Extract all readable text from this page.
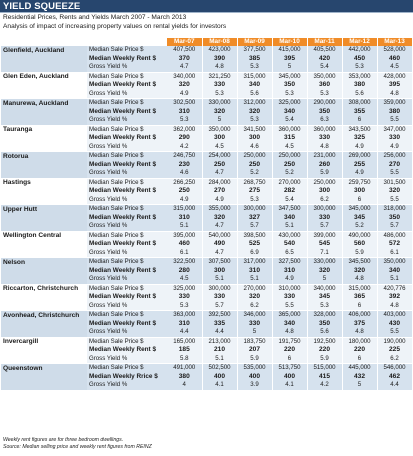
YIELD SQUEEZE
Residential Prices, Rents and Yields March 2007 - March 2013
Analysis of impact of increasing property values on rental yields for investors
		Mar-07	Mar-08	Mar-09	Mar-10	Mar-11	Mar-12	Mar-13
Glenfield, Auckland	Median Sale Price $	407,500	423,000	377,500	415,000	405,500	442,000	528,000
	Median Weekly Rent $	370	390	385	395	420	450	460
	Gross Yield %	4.7	4.8	5.3	5	5.4	5.3	4.5
Glen Eden, Auckland	Median Sale Price $	340,000	321,250	315,000	345,000	350,000	353,000	428,000
	Median Weekly Rent $	320	330	340	350	360	380	395
	Gross Yield %	4.9	5.3	5.6	5.3	5.3	5.6	4.8
Manurewa, Auckland	Median Sale Price $	302,500	330,000	312,000	325,000	290,000	308,000	359,000
	Median Weekly Rent $	310	320	320	340	350	355	380
	Gross Yield %	5.3	5	5.3	5.4	6.3	6	5.5
Tauranga	Median Sale Price $	362,000	350,000	341,500	360,000	360,000	343,500	347,000
	Median Weekly Rent $	290	300	300	315	330	325	330
	Gross Yield %	4.2	4.5	4.6	4.5	4.8	4.9	4.9
Rotorua	Median Sale Price $	246,750	254,000	250,000	250,000	231,000	269,000	256,000
	Median Weekly Rent $	230	250	250	250	260	255	270
	Gross Yield %	4.6	4.7	5.2	5.2	5.9	4.9	5.5
Hastings	Median Sale Price $	266,250	284,000	268,750	270,000	250,000	259,750	301,500
	Median Weekly Rent $	250	270	275	282	300	300	320
	Gross Yield %	4.9	4.9	5.3	5.4	6.2	6	5.5
Upper Hutt	Median Sale Price $	315,000	355,000	300,000	347,500	300,000	345,000	318,000
	Median Weekly Rent $	310	320	327	340	330	345	350
	Gross Yield %	5.1	4.7	5.7	5.1	5.7	5.2	5.7
Wellington Central	Median Sale Price $	395,000	540,000	398,500	430,000	399,000	490,000	486,000
	Median Weekly Rent $	460	490	525	540	545	560	572
	Gross Yield %	6.1	4.7	6.9	6.5	7.1	5.9	6.1
Nelson	Median Sale Price $	322,500	307,500	317,000	327,500	330,000	345,500	350,000
	Median Weekly Rent $	280	300	310	310	320	320	340
	Gross Yield %	4.5	5.1	5.1	4.9	5	4.8	5.1
Riccarton, Christchurch	Median Sale Price $	325,000	300,000	270,000	310,000	340,000	315,000	420,776
	Median Weekly Rent $	330	330	320	330	345	365	392
	Gross Yield %	5.3	5.7	6.2	5.5	5.3	6	4.8
Avonhead, Christchurch	Median Sale Price $	363,000	392,500	346,000	365,000	328,000	406,000	403,000
	Median Weekly Rent $	310	335	330	340	350	375	430
	Gross Yield %	4.4	4.4	5	4.8	5.6	4.8	5.5
Invercargill	Median Sale Price $	165,000	213,000	183,750	191,750	192,500	180,000	190,000
	Median Weekly Rent $	185	210	207	220	220	220	225
	Gross Yield %	5.8	5.1	5.9	6	5.9	6	6.2
Queenstown	Median Sale Price $	491,000	502,500	535,000	513,750	515,000	445,000	546,000
	Median Weekly Rrice $	380	400	400	400	415	432	462
	Gross Yield %	4	4.1	3.9	4.1	4.2	5	4.4
Weekly rent figures are for three bedroom dwellings.
Source: Median selling price and weekly rent figures from REINZ
